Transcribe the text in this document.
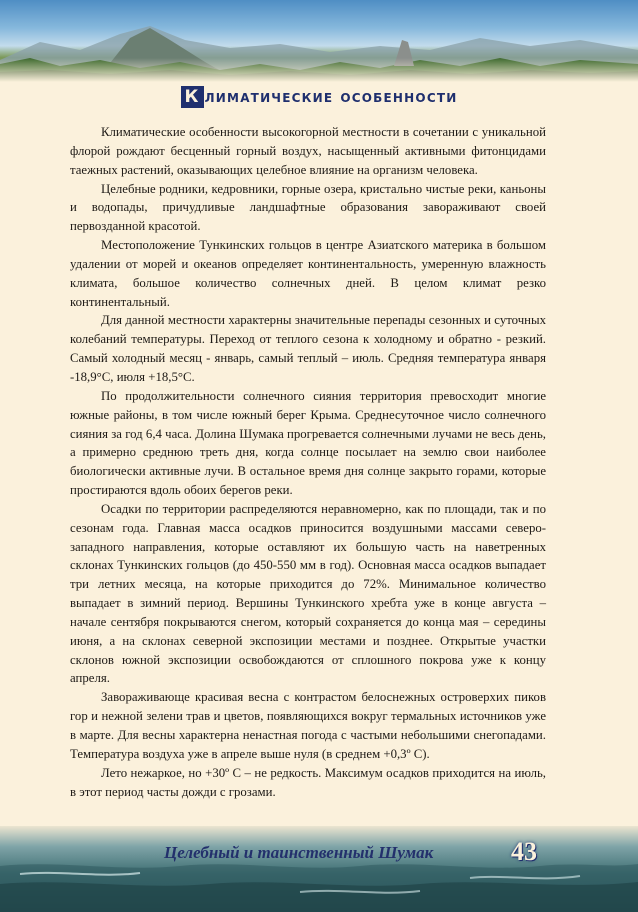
К лиматические особенности

Климатические особенности высокогорной местности в сочетании с уникальной флорой рождают бесценный горный воздух, насыщенный активными фитонцидами таежных растений, оказывающих целебное влияние на организм человека.

Целебные родники, кедровники, горные озера, кристально чистые реки, каньоны и водопады, причудливые ландшафтные образования завораживают своей первозданной красотой.

Местоположение Тункинских гольцов в центре Азиатского материка в большом удалении от морей и океанов определяет континентальность, умеренную влажность климата, большое количество солнечных дней. В целом климат резко континентальный.

Для данной местности характерны значительные перепады сезонных и суточных колебаний температуры. Переход от теплого сезона к холодному и обратно - резкий. Самый холодный месяц - январь, самый теплый – июль. Средняя температура января -18,9°С, июля +18,5°С.

По продолжительности солнечного сияния территория превосходит многие южные районы, в том числе южный берег Крыма. Среднесуточное число солнечного сияния за год 6,4 часа. Долина Шумака прогревается солнечными лучами не весь день, а примерно среднюю треть дня, когда солнце посылает на землю свои наиболее биологически активные лучи. В остальное время дня солнце закрыто горами, которые простираются вдоль обоих берегов реки.

Осадки по территории распределяются неравномерно, как по площади, так и по сезонам года. Главная масса осадков приносится воздушными массами северо-западного направления, которые оставляют их большую часть на наветренных склонах Тункинских гольцов (до 450-550 мм в год). Основная масса осадков выпадает три летних месяца, на которые приходится до 72%. Минимальное количество выпадает в зимний период. Вершины Тункинского хребта уже в конце августа – начале сентября покрываются снегом, который сохраняется до конца мая – середины июня, а на склонах северной экспозиции местами и позднее. Открытые участки склонов южной экспозиции освобождаются от сплошного покрова уже к концу апреля.

Завораживающе красивая весна с контрастом белоснежных островерхих пиков гор и нежной зелени трав и цветов, появляющихся вокруг термальных источников уже в марте. Для весны характерна ненастная погода с частыми небольшими снегопадами. Температура воздуха уже в апреле выше нуля (в среднем +0,3º С).

Лето нежаркое, но +30º С – не редкость. Максимум осадков приходится на июль, в этот период часты дожди с грозами.

Целебный и таинственный Шумак	43
